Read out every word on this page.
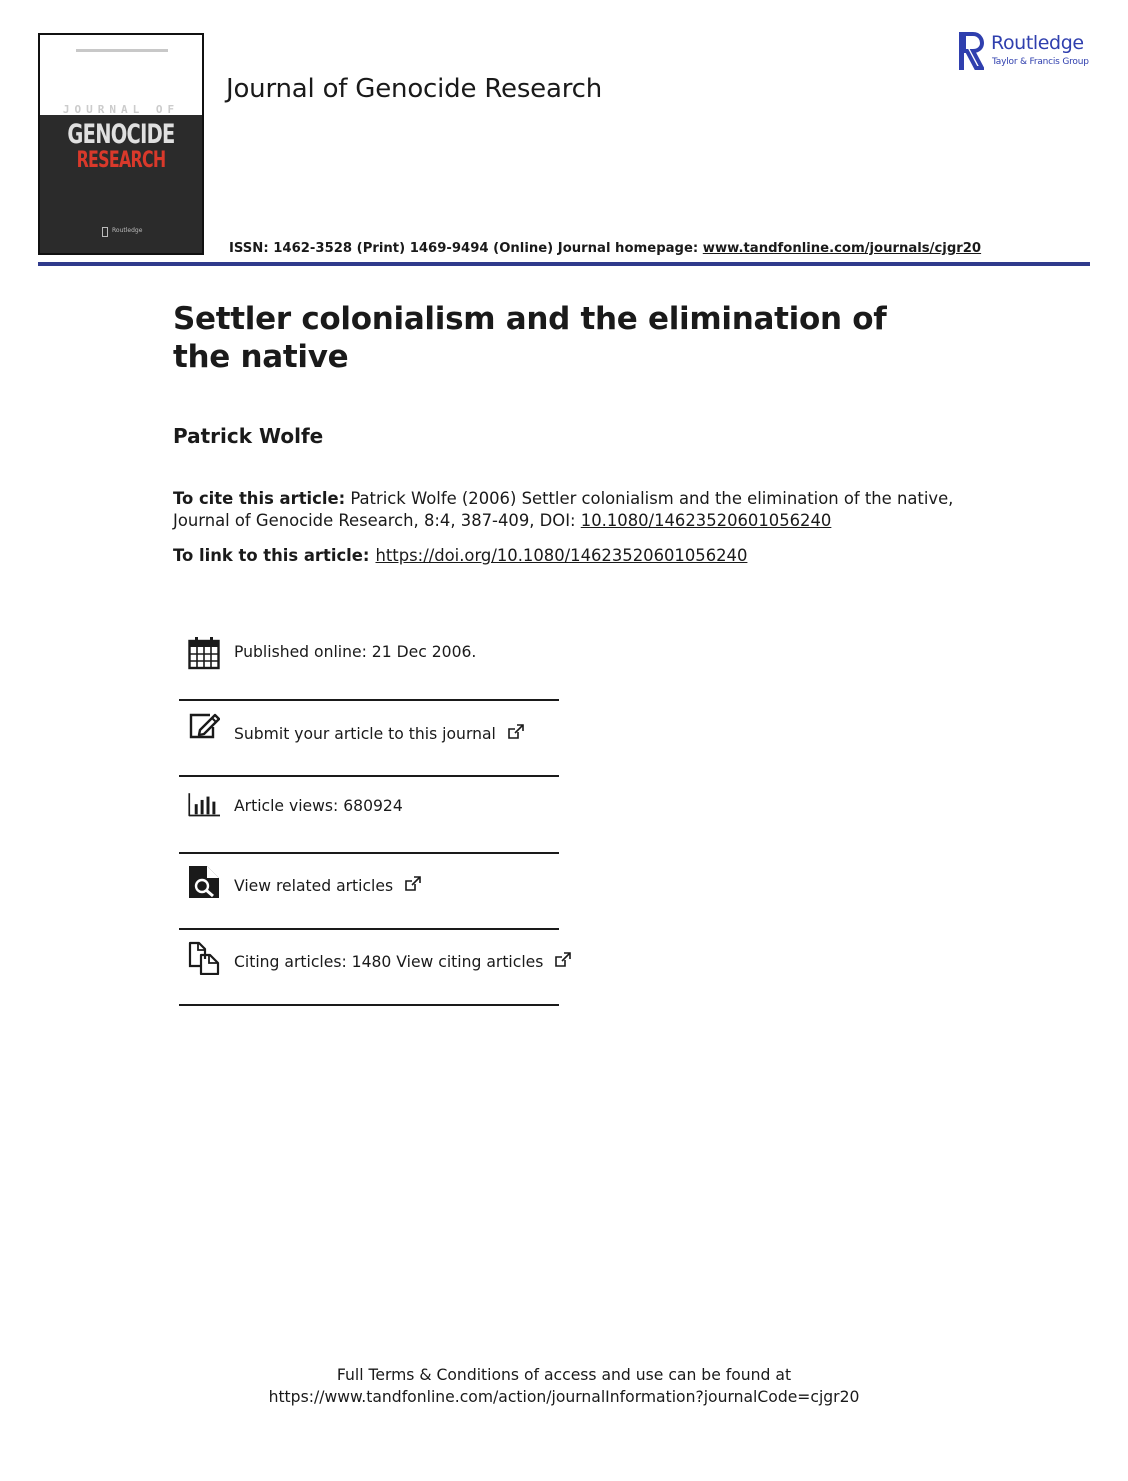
JOURNAL OF
GENOCIDE
RESEARCH
Routledge
Journal of Genocide Research
Routledge
Taylor & Francis Group
ISSN: 1462-3528 (Print) 1469-9494 (Online) Journal homepage: www.tandfonline.com/journals/cjgr20
Settler colonialism and the elimination of the native
Patrick Wolfe
To cite this article: Patrick Wolfe (2006) Settler colonialism and the elimination of the native, Journal of Genocide Research, 8:4, 387-409, DOI: 10.1080/14623520601056240
To link to this article: https://doi.org/10.1080/14623520601056240
Published online: 21 Dec 2006.
Submit your article to this journal
Article views: 680924
View related articles
Citing articles: 1480 View citing articles
Full Terms & Conditions of access and use can be found at
https://www.tandfonline.com/action/journalInformation?journalCode=cjgr20
